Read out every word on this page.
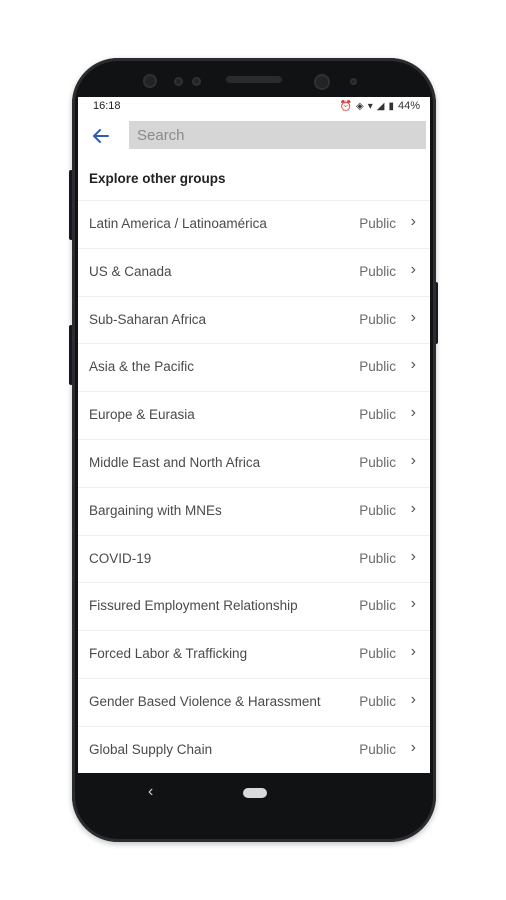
16:18	⏰ ◈ ▾ ◢ ▮ 44%
Search
Explore other groups
Latin America / Latinoamérica	Public ›
US & Canada	Public ›
Sub-Saharan Africa	Public ›
Asia & the Pacific	Public ›
Europe & Eurasia	Public ›
Middle East and North Africa	Public ›
Bargaining with MNEs	Public ›
COVID-19	Public ›
Fissured Employment Relationship	Public ›
Forced Labor & Trafficking	Public ›
Gender Based Violence & Harassment	Public ›
Global Supply Chain	Public ›
‹
